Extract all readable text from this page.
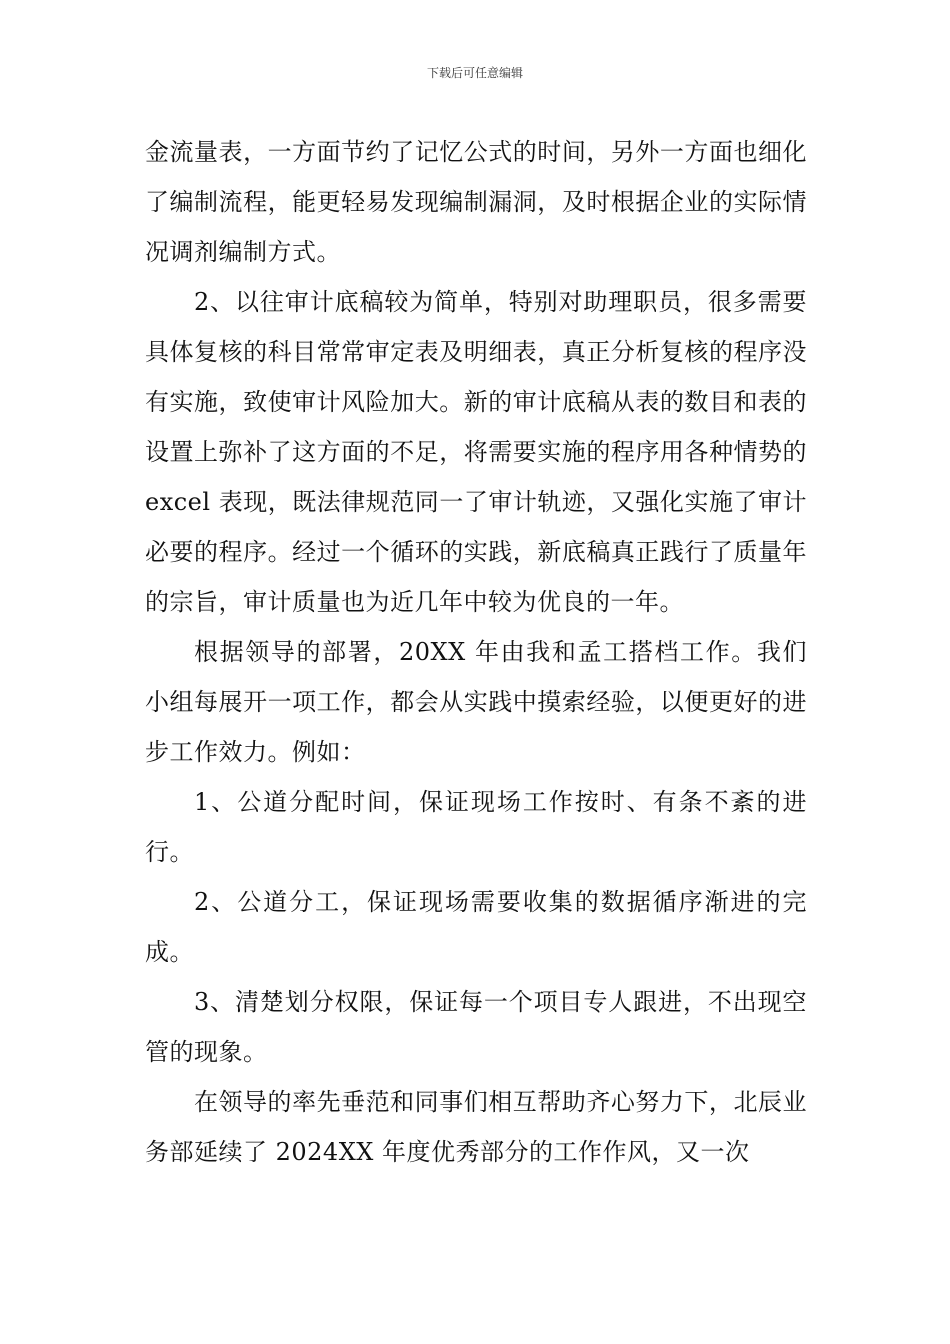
下载后可任意编辑

金流量表，一方面节约了记忆公式的时间，另外一方面也细化了编制流程，能更轻易发现编制漏洞，及时根据企业的实际情况调剂编制方式。

2、以往审计底稿较为简单，特别对助理职员，很多需要具体复核的科目常常审定表及明细表，真正分析复核的程序没有实施，致使审计风险加大。新的审计底稿从表的数目和表的设置上弥补了这方面的不足，将需要实施的程序用各种情势的 excel 表现，既法律规范同一了审计轨迹，又强化实施了审计必要的程序。经过一个循环的实践，新底稿真正践行了质量年的宗旨，审计质量也为近几年中较为优良的一年。

根据领导的部署，20XX 年由我和孟工搭档工作。我们小组每展开一项工作，都会从实践中摸索经验，以便更好的进步工作效力。例如：

1、公道分配时间，保证现场工作按时、有条不紊的进行。

2、公道分工，保证现场需要收集的数据循序渐进的完成。

3、清楚划分权限，保证每一个项目专人跟进，不出现空管的现象。

在领导的率先垂范和同事们相互帮助齐心努力下，北辰业务部延续了 2024XX 年度优秀部分的工作作风，又一次
